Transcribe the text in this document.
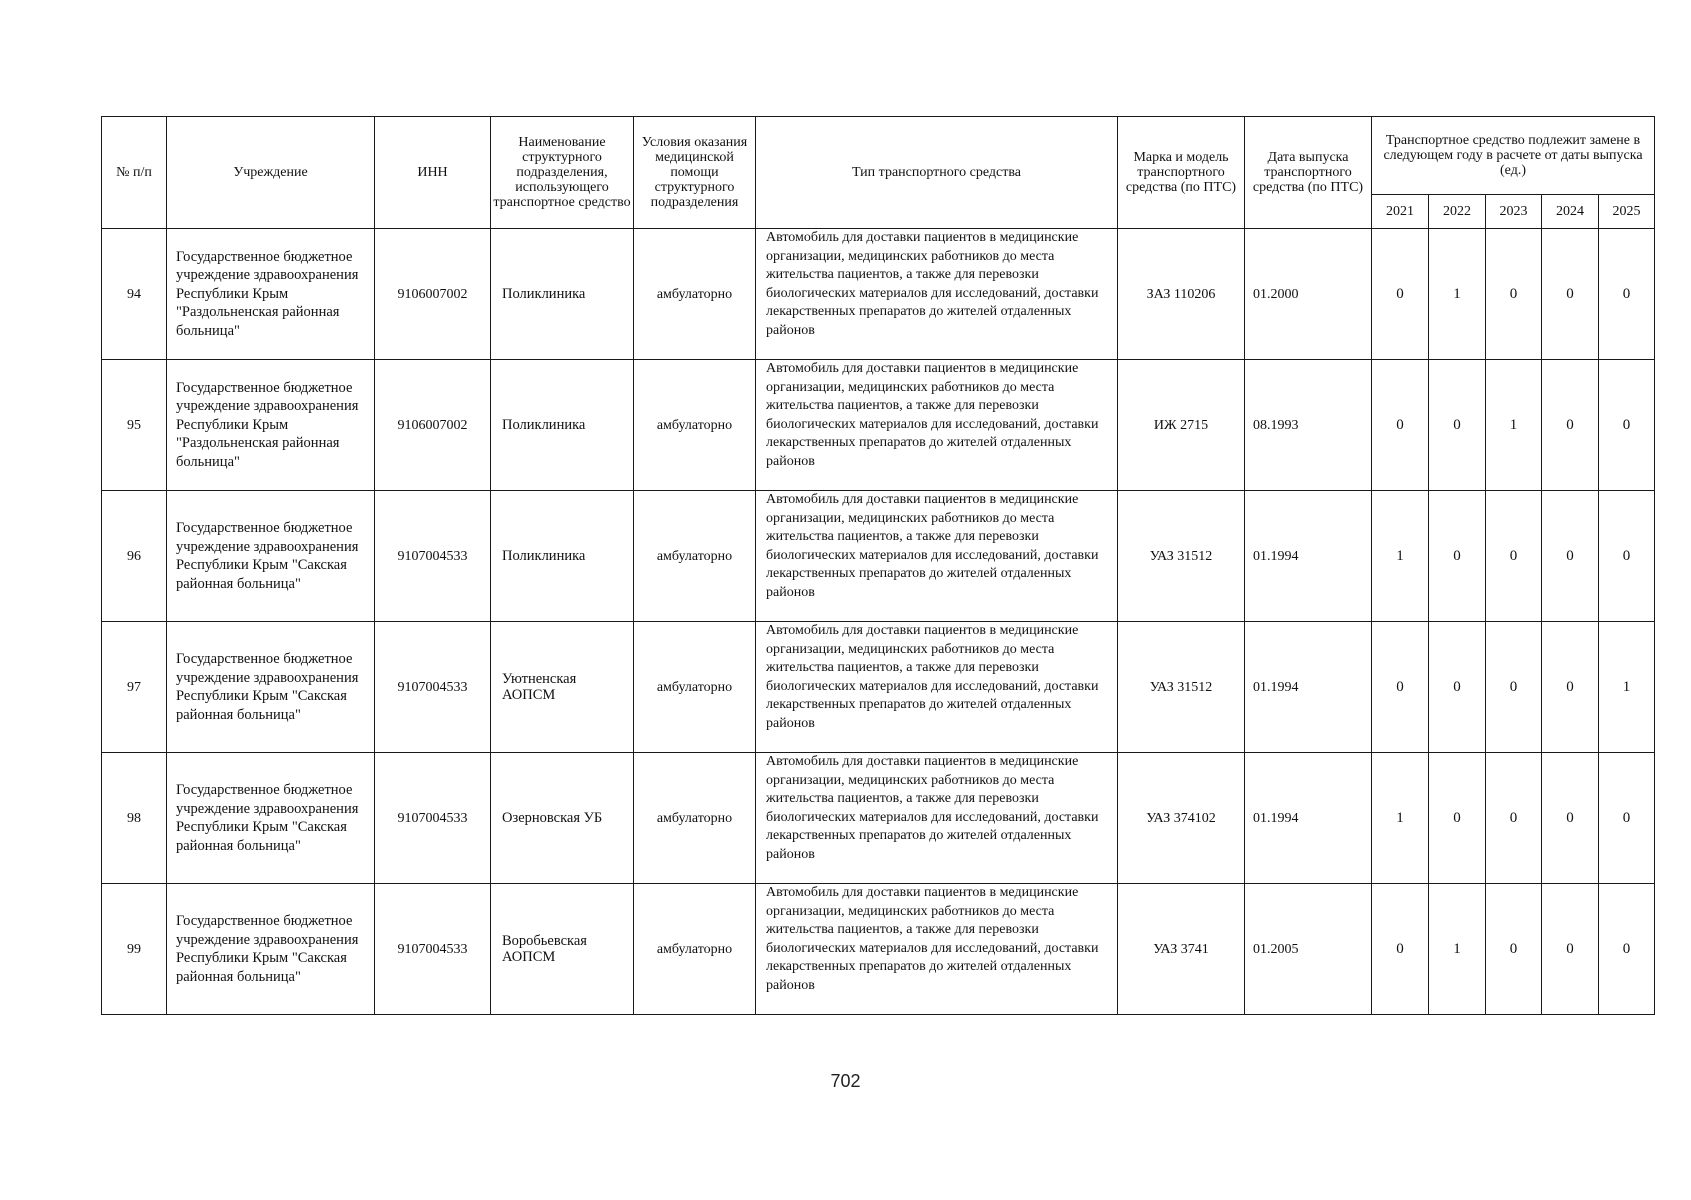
№ п/п	Учреждение	ИНН	Наименование структурного подразделения, использующего транспортное средство	Условия оказания медицинской помощи структурного подразделения	Тип транспортного средства	Марка и модель транспортного средства (по ПТС)	Дата выпуска транспортного средства (по ПТС)	Транспортное средство подлежит замене в следующем году в расчете от даты выпуска (ед.)				
								2021	2022	2023	2024	2025
94	Государственное бюджетное учреждение здравоохранения Республики Крым "Раздольненская районная больница"	9106007002	Поликлиника	амбулаторно	Автомобиль для доставки пациентов в медицинские организации, медицинских работников до места жительства пациентов, а также для перевозки биологических материалов для исследований, доставки лекарственных препаратов до жителей отдаленных районов	ЗАЗ 110206	01.2000	0	1	0	0	0
95	Государственное бюджетное учреждение здравоохранения Республики Крым "Раздольненская районная больница"	9106007002	Поликлиника	амбулаторно	Автомобиль для доставки пациентов в медицинские организации, медицинских работников до места жительства пациентов, а также для перевозки биологических материалов для исследований, доставки лекарственных препаратов до жителей отдаленных районов	ИЖ 2715	08.1993	0	0	1	0	0
96	Государственное бюджетное учреждение здравоохранения Республики Крым "Сакская районная больница"	9107004533	Поликлиника	амбулаторно	Автомобиль для доставки пациентов в медицинские организации, медицинских работников до места жительства пациентов, а также для перевозки биологических материалов для исследований, доставки лекарственных препаратов до жителей отдаленных районов	УАЗ 31512	01.1994	1	0	0	0	0
97	Государственное бюджетное учреждение здравоохранения Республики Крым "Сакская районная больница"	9107004533	Уютненская АОПСМ	амбулаторно	Автомобиль для доставки пациентов в медицинские организации, медицинских работников до места жительства пациентов, а также для перевозки биологических материалов для исследований, доставки лекарственных препаратов до жителей отдаленных районов	УАЗ 31512	01.1994	0	0	0	0	1
98	Государственное бюджетное учреждение здравоохранения Республики Крым "Сакская районная больница"	9107004533	Озерновская УБ	амбулаторно	Автомобиль для доставки пациентов в медицинские организации, медицинских работников до места жительства пациентов, а также для перевозки биологических материалов для исследований, доставки лекарственных препаратов до жителей отдаленных районов	УАЗ 374102	01.1994	1	0	0	0	0
99	Государственное бюджетное учреждение здравоохранения Республики Крым "Сакская районная больница"	9107004533	Воробьевская АОПСМ	амбулаторно	Автомобиль для доставки пациентов в медицинские организации, медицинских работников до места жительства пациентов, а также для перевозки биологических материалов для исследований, доставки лекарственных препаратов до жителей отдаленных районов	УАЗ 3741	01.2005	0	1	0	0	0
702
